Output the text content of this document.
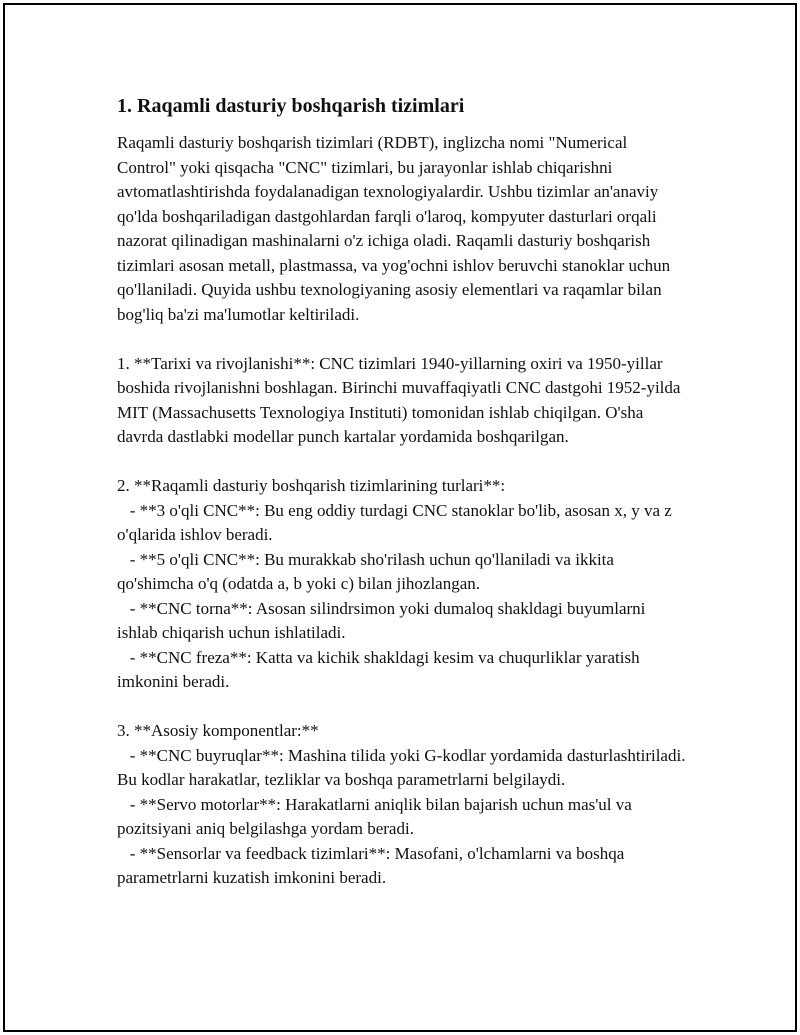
1. Raqamli dasturiy boshqarish tizimlari

Raqamli dasturiy boshqarish tizimlari (RDBT), inglizcha nomi "Numerical Control" yoki qisqacha "CNC" tizimlari, bu jarayonlar ishlab chiqarishni avtomatlashtirishda foydalanadigan texnologiyalardir. Ushbu tizimlar an'anaviy qo'lda boshqariladigan dastgohlardan farqli o'laroq, kompyuter dasturlari orqali nazorat qilinadigan mashinalarni o'z ichiga oladi. Raqamli dasturiy boshqarish tizimlari asosan metall, plastmassa, va yog'ochni ishlov beruvchi stanoklar uchun qo'llaniladi. Quyida ushbu texnologiyaning asosiy elementlari va raqamlar bilan bog'liq ba'zi ma'lumotlar keltiriladi.

1. **Tarixi va rivojlanishi**: CNC tizimlari 1940-yillarning oxiri va 1950-yillar boshida rivojlanishni boshlagan. Birinchi muvaffaqiyatli CNC dastgohi 1952-yilda MIT (Massachusetts Texnologiya Instituti) tomonidan ishlab chiqilgan. O'sha davrda dastlabki modellar punch kartalar yordamida boshqarilgan.

2. **Raqamli dasturiy boshqarish tizimlarining turlari**:
- **3 o'qli CNC**: Bu eng oddiy turdagi CNC stanoklar bo'lib, asosan x, y va z o'qlarida ishlov beradi.
- **5 o'qli CNC**: Bu murakkab sho'rilash uchun qo'llaniladi va ikkita qo'shimcha o'q (odatda a, b yoki c) bilan jihozlangan.
- **CNC torna**: Asosan silindrsimon yoki dumaloq shakldagi buyumlarni ishlab chiqarish uchun ishlatiladi.
- **CNC freza**: Katta va kichik shakldagi kesim va chuqurliklar yaratish imkonini beradi.
3. **Asosiy komponentlar:**
- **CNC buyruqlar**: Mashina tilida yoki G-kodlar yordamida dasturlashtiriladi. Bu kodlar harakatlar, tezliklar va boshqa parametrlarni belgilaydi.
- **Servo motorlar**: Harakatlarni aniqlik bilan bajarish uchun mas'ul va pozitsiyani aniq belgilashga yordam beradi.
- **Sensorlar va feedback tizimlari**: Masofani, o'lchamlarni va boshqa parametrlarni kuzatish imkonini beradi.
